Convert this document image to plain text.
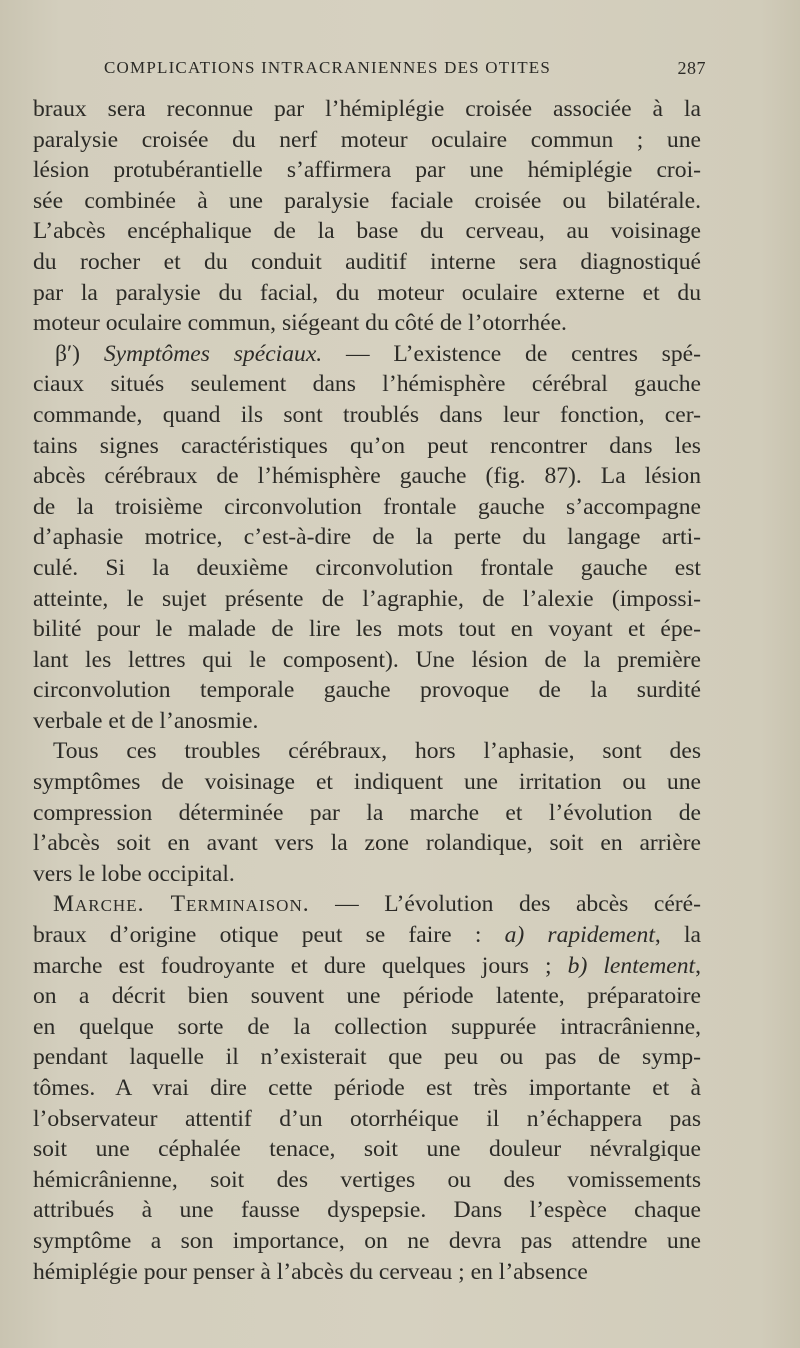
COMPLICATIONS INTRACRANIENNES DES OTITES	287
braux sera reconnue par l’hémiplégie croisée associée à la
paralysie croisée du nerf moteur oculaire commun ; une
lésion protubérantielle s’affirmera par une hémiplégie croi-
sée combinée à une paralysie faciale croisée ou bilatérale.
L’abcès encéphalique de la base du cerveau, au voisinage
du rocher et du conduit auditif interne sera diagnostiqué
par la paralysie du facial, du moteur oculaire externe et du
moteur oculaire commun, siégeant du côté de l’otorrhée.
β′) Symptômes spéciaux. — L’existence de centres spé-
ciaux situés seulement dans l’hémisphère cérébral gauche
commande, quand ils sont troublés dans leur fonction, cer-
tains signes caractéristiques qu’on peut rencontrer dans les
abcès cérébraux de l’hémisphère gauche (fig. 87). La lésion
de la troisième circonvolution frontale gauche s’accompagne
d’aphasie motrice, c’est-à-dire de la perte du langage arti-
culé. Si la deuxième circonvolution frontale gauche est
atteinte, le sujet présente de l’agraphie, de l’alexie (impossi-
bilité pour le malade de lire les mots tout en voyant et épe-
lant les lettres qui le composent). Une lésion de la première
circonvolution temporale gauche provoque de la surdité
verbale et de l’anosmie.
Tous ces troubles cérébraux, hors l’aphasie, sont des
symptômes de voisinage et indiquent une irritation ou une
compression déterminée par la marche et l’évolution de
l’abcès soit en avant vers la zone rolandique, soit en arrière
vers le lobe occipital.
Marche. Terminaison. — L’évolution des abcès céré-
braux d’origine otique peut se faire : a) rapidement, la
marche est foudroyante et dure quelques jours ; b) lentement,
on a décrit bien souvent une période latente, préparatoire
en quelque sorte de la collection suppurée intracrânienne,
pendant laquelle il n’existerait que peu ou pas de symp-
tômes. A vrai dire cette période est très importante et à
l’observateur attentif d’un otorrhéique il n’échappera pas
soit une céphalée tenace, soit une douleur névralgique
hémicrânienne, soit des vertiges ou des vomissements
attribués à une fausse dyspepsie. Dans l’espèce chaque
symptôme a son importance, on ne devra pas attendre une
hémiplégie pour penser à l’abcès du cerveau ; en l’absence
